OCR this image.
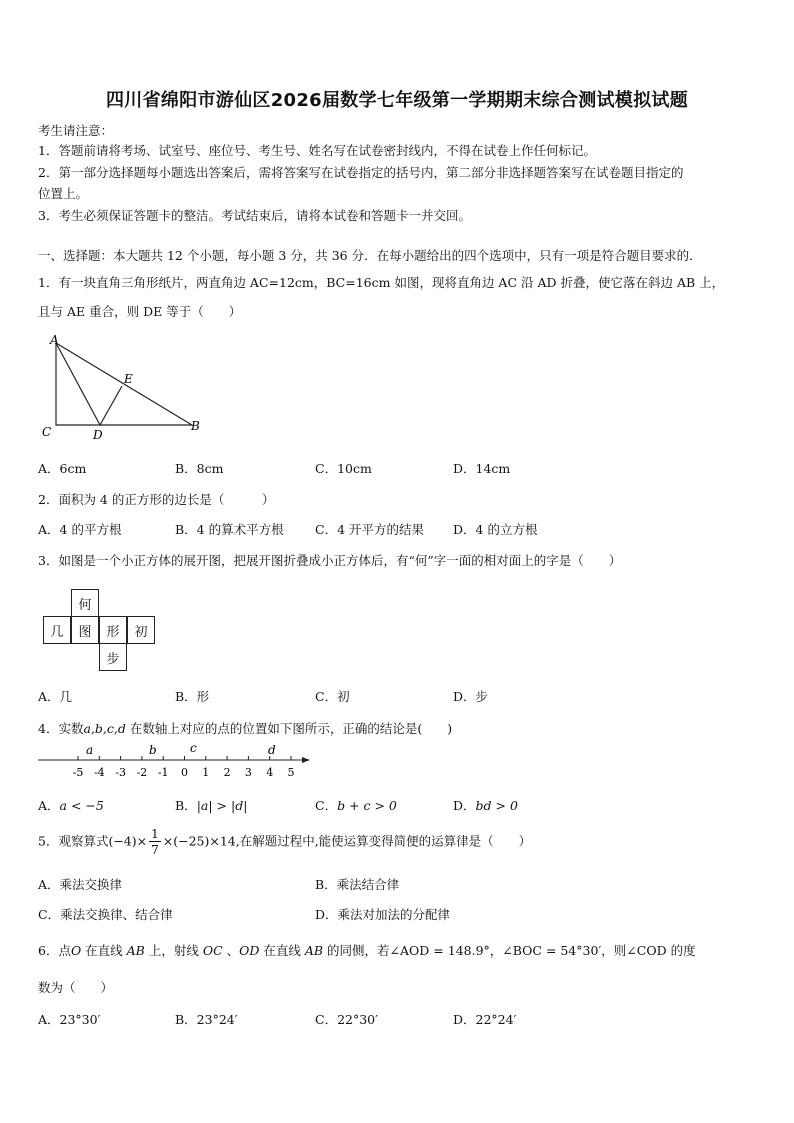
四川省绵阳市游仙区2026届数学七年级第一学期期末综合测试模拟试题
考生请注意：
1．答题前请将考场、试室号、座位号、考生号、姓名写在试卷密封线内，不得在试卷上作任何标记。
2．第一部分选择题每小题选出答案后，需将答案写在试卷指定的括号内，第二部分非选择题答案写在试卷题目指定的
位置上。
3．考生必须保证答题卡的整洁。考试结束后，请将本试卷和答题卡一并交回。
一、选择题：本大题共 12 个小题，每小题 3 分，共 36 分．在每小题给出的四个选项中，只有一项是符合题目要求的．
1．有一块直角三角形纸片，两直角边 AC=12cm，BC=16cm 如图，现将直角边 AC 沿 AD 折叠，使它落在斜边 AB 上，
且与 AE 重合，则 DE 等于（　　）
A
E
C	D
B
A．6cm	B．8cm	C．10cm	D．14cm
2．面积为 4 的正方形的边长是（　　　）
A．4 的平方根	B．4 的算术平方根	C．4 开平方的结果 D．4 的立方根
3．如图是一个小正方体的展开图，把展开图折叠成小正方体后，有“何”字一面的相对面上的字是（　　）
何
几	图	形	初
步
A．几	B．形	C．初	D．步
4．实数a,b,c,d 在数轴上对应的点的位置如下图所示，正确的结论是(　　)
-5 -4 -3 -2 -1 0 1 2 3 4 5
a	b	c	d
A．a < −5	B．|a| > |d|	C．b + c > 0	D．bd > 0
5．观察算式$(-4)\times \frac{1}{7} \times(-25)\times 14$,在解题过程中,能使运算变得简便的运算律是（　　）
A．乘法交换律	B．乘法结合律
C．乘法交换律、结合律	D．乘法对加法的分配律
6．点O 在直线 AB 上，射线 OC 、OD 在直线 AB 的同侧，若∠AOD = 148.9°，∠BOC = 54°30′，则∠COD 的度
数为（　　）
A．23°30′	B．23°24′	C．22°30′	D．22°24′
